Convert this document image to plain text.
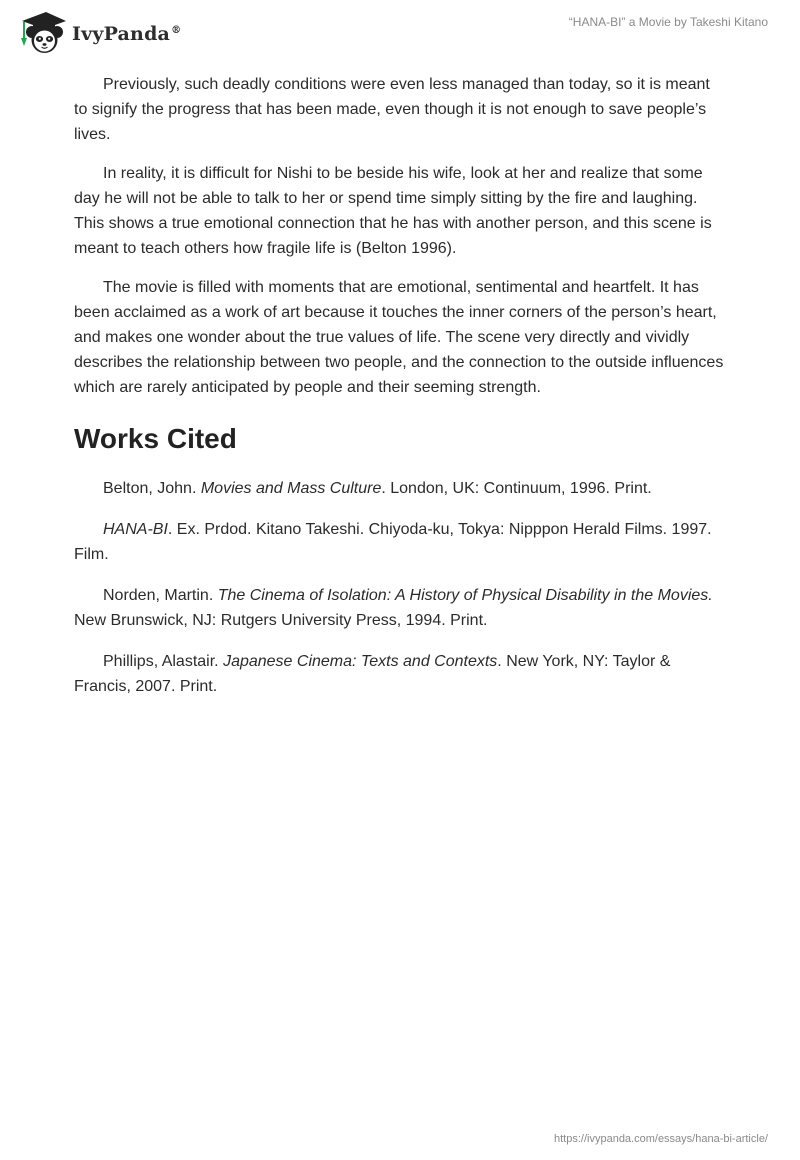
IvyPanda®
“HANA-BI” a Movie by Takeshi Kitano

Previously, such deadly conditions were even less managed than today, so it is meant to signify the progress that has been made, even though it is not enough to save people’s lives.

In reality, it is difficult for Nishi to be beside his wife, look at her and realize that some day he will not be able to talk to her or spend time simply sitting by the fire and laughing. This shows a true emotional connection that he has with another person, and this scene is meant to teach others how fragile life is (Belton 1996).

The movie is filled with moments that are emotional, sentimental and heartfelt. It has been acclaimed as a work of art because it touches the inner corners of the person’s heart, and makes one wonder about the true values of life. The scene very directly and vividly describes the relationship between two people, and the connection to the outside influences which are rarely anticipated by people and their seeming strength.

Works Cited

Belton, John. Movies and Mass Culture. London, UK: Continuum, 1996. Print.

HANA-BI. Ex. Prdod. Kitano Takeshi. Chiyoda-ku, Tokya: Nipppon Herald Films. 1997. Film.

Norden, Martin. The Cinema of Isolation: A History of Physical Disability in the Movies. New Brunswick, NJ: Rutgers University Press, 1994. Print.

Phillips, Alastair. Japanese Cinema: Texts and Contexts. New York, NY: Taylor & Francis, 2007. Print.

https://ivypanda.com/essays/hana-bi-article/
